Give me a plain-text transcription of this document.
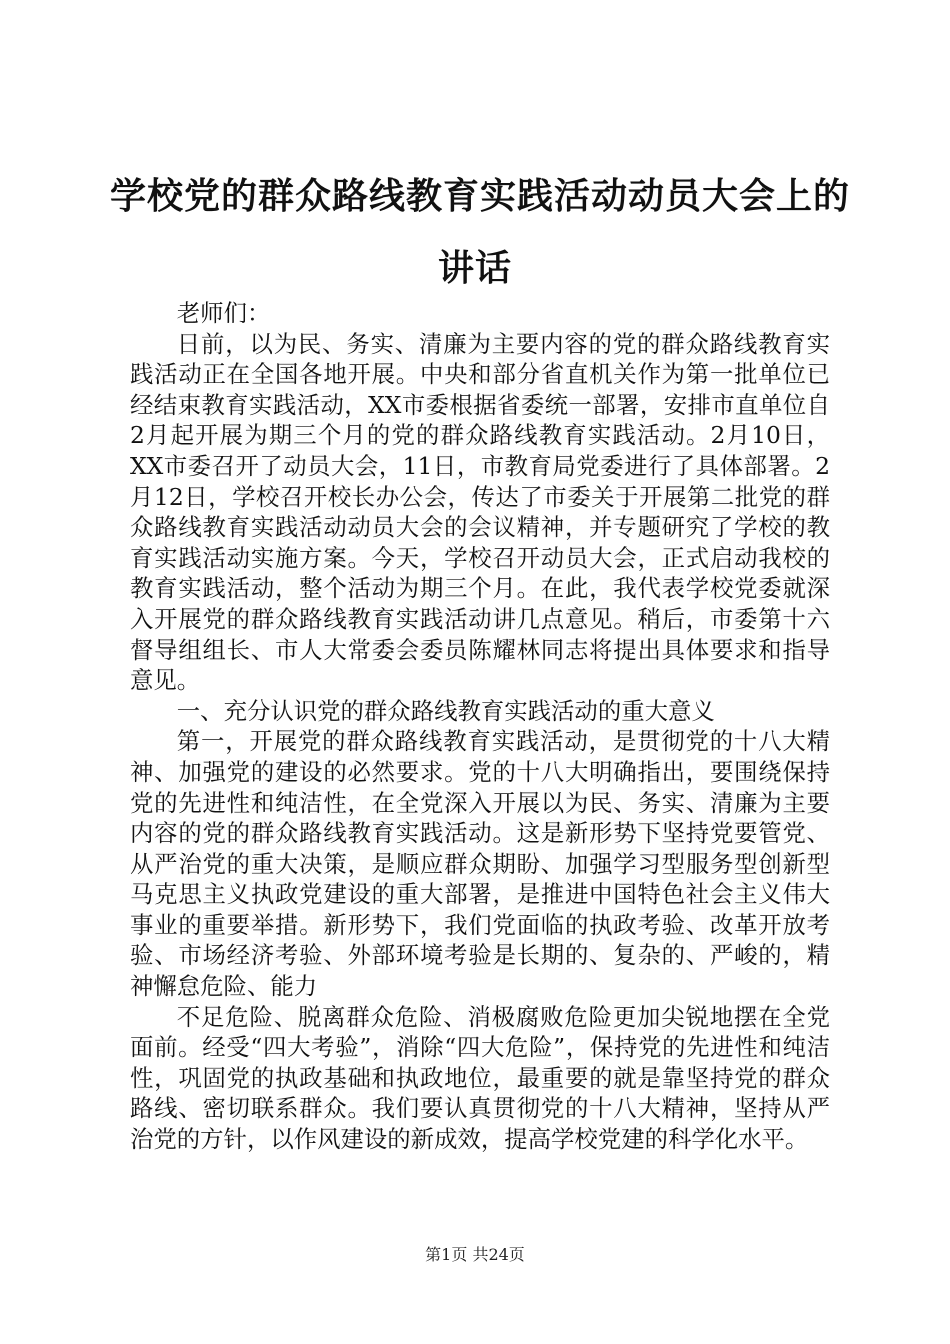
学校党的群众路线教育实践活动动员大会上的
讲话

老师们：

日前，以为民、务实、清廉为主要内容的党的群众路线教育实践活动正在全国各地开展。中央和部分省直机关作为第一批单位已经结束教育实践活动，XX市委根据省委统一部署，安排市直单位自2月起开展为期三个月的党的群众路线教育实践活动。2月10日，XX市委召开了动员大会，11日，市教育局党委进行了具体部署。2月12日，学校召开校长办公会，传达了市委关于开展第二批党的群众路线教育实践活动动员大会的会议精神，并专题研究了学校的教育实践活动实施方案。今天，学校召开动员大会，正式启动我校的教育实践活动，整个活动为期三个月。在此，我代表学校党委就深入开展党的群众路线教育实践活动讲几点意见。稍后，市委第十六督导组组长、市人大常委会委员陈耀林同志将提出具体要求和指导意见。

一、充分认识党的群众路线教育实践活动的重大意义

第一，开展党的群众路线教育实践活动，是贯彻党的十八大精神、加强党的建设的必然要求。党的十八大明确指出，要围绕保持党的先进性和纯洁性，在全党深入开展以为民、务实、清廉为主要内容的党的群众路线教育实践活动。这是新形势下坚持党要管党、从严治党的重大决策，是顺应群众期盼、加强学习型服务型创新型马克思主义执政党建设的重大部署，是推进中国特色社会主义伟大事业的重要举措。新形势下，我们党面临的执政考验、改革开放考验、市场经济考验、外部环境考验是长期的、复杂的、严峻的，精神懈怠危险、能力

不足危险、脱离群众危险、消极腐败危险更加尖锐地摆在全党面前。经受“四大考验”，消除“四大危险”，保持党的先进性和纯洁性，巩固党的执政基础和执政地位，最重要的就是靠坚持党的群众路线、密切联系群众。我们要认真贯彻党的十八大精神，坚持从严治党的方针，以作风建设的新成效，提高学校党建的科学化水平。

第1页 共24页
